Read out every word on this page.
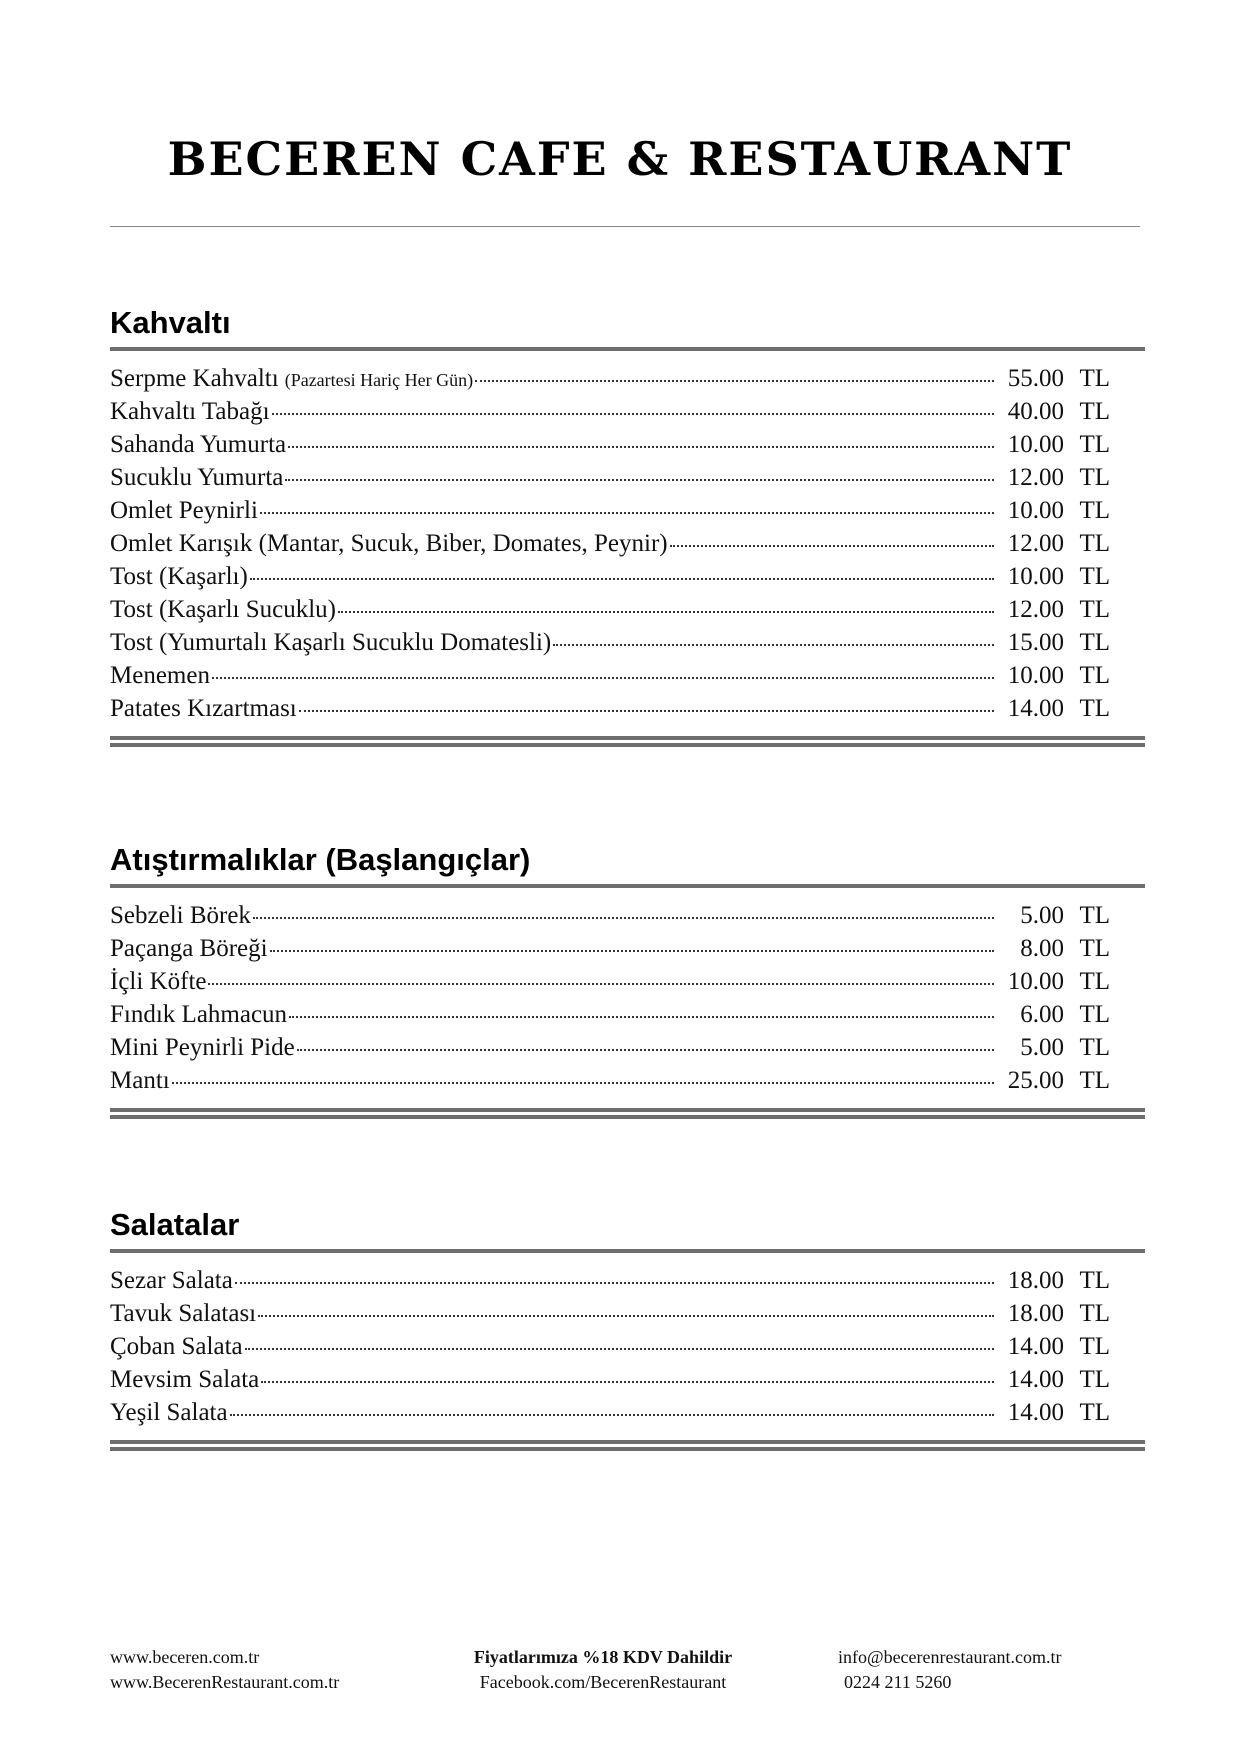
BECEREN CAFE & RESTAURANT
Kahvaltı
Serpme Kahvaltı (Pazartesi Hariç Her Gün)	55.00 TL
Kahvaltı Tabağı	40.00 TL
Sahanda Yumurta	10.00 TL
Sucuklu Yumurta	12.00 TL
Omlet Peynirli	10.00 TL
Omlet Karışık (Mantar, Sucuk, Biber, Domates, Peynir)	12.00 TL
Tost (Kaşarlı)	10.00 TL
Tost (Kaşarlı Sucuklu)	12.00 TL
Tost (Yumurtalı Kaşarlı Sucuklu Domatesli)	15.00 TL
Menemen	10.00 TL
Patates Kızartması	14.00 TL
Atıştırmalıklar (Başlangıçlar)
Sebzeli Börek	5.00 TL
Paçanga Böreği	8.00 TL
İçli Köfte	10.00 TL
Fındık Lahmacun	6.00 TL
Mini Peynirli Pide	5.00 TL
Mantı	25.00 TL
Salatalar
Sezar Salata	18.00 TL
Tavuk Salatası	18.00 TL
Çoban Salata	14.00 TL
Mevsim Salata	14.00 TL
Yeşil Salata	14.00 TL
www.beceren.com.tr
www.BecerenRestaurant.com.tr
Fiyatlarımıza %18 KDV Dahildir
Facebook.com/BecerenRestaurant
info@becerenrestaurant.com.tr
0224 211 5260
